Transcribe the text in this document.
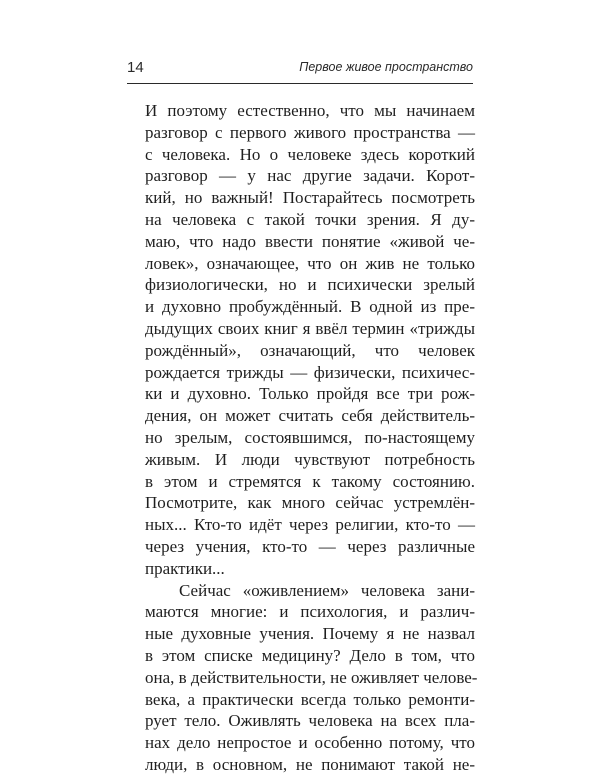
14	Первое живое пространство
И поэтому естественно, что мы начинаем
разговор с первого живого пространства —
с человека. Но о человеке здесь короткий
разговор — у нас другие задачи. Корот-
кий, но важный! Постарайтесь посмотреть
на человека с такой точки зрения. Я ду-
маю, что надо ввести понятие «живой че-
ловек», означающее, что он жив не только
физиологически, но и психически зрелый
и духовно пробуждённый. В одной из пре-
дыдущих своих книг я ввёл термин «трижды
рождённый», означающий, что человек
рождается трижды — физически, психичес-
ки и духовно. Только пройдя все три рож-
дения, он может считать себя действитель-
но зрелым, состоявшимся, по-настоящему
живым. И люди чувствуют потребность
в этом и стремятся к такому состоянию.
Посмотрите, как много сейчас устремлён-
ных... Кто-то идёт через религии, кто-то —
через учения, кто-то — через различные
практики...
Сейчас «оживлением» человека зани-
маются многие: и психология, и различ-
ные духовные учения. Почему я не назвал
в этом списке медицину? Дело в том, что
она, в действительности, не оживляет челове-
века, а практически всегда только ремонти-
рует тело. Оживлять человека на всех пла-
нах дело непростое и особенно потому, что
люди, в основном, не понимают такой не-
